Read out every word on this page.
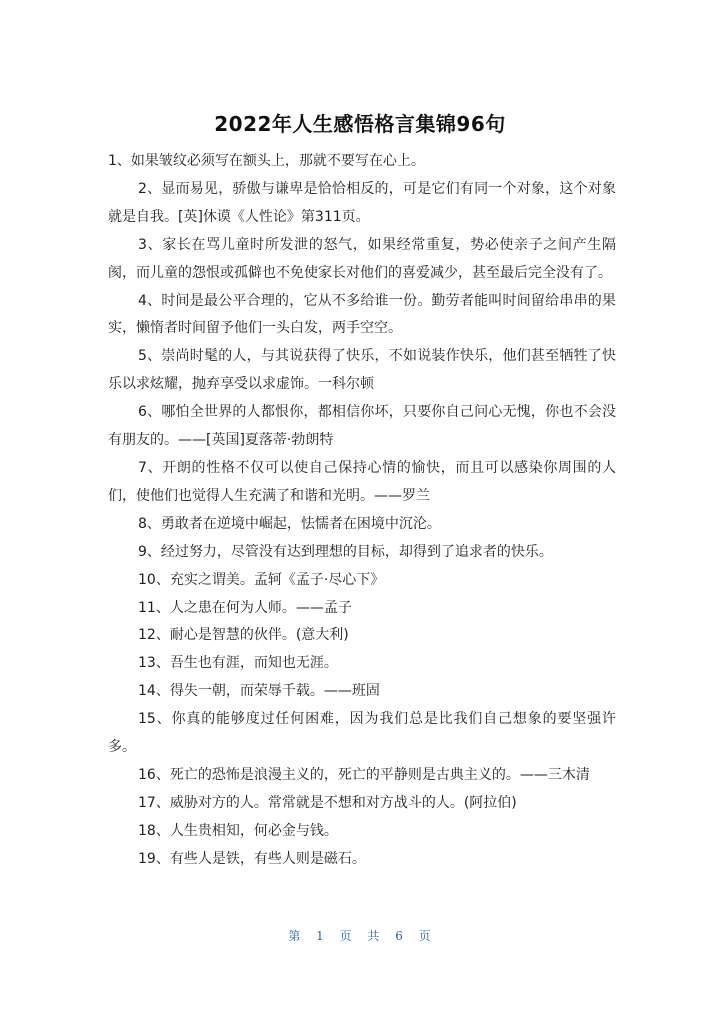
2022年人生感悟格言集锦96句

1、如果皱纹必须写在额头上，那就不要写在心上。

2、显而易见，骄傲与谦卑是恰恰相反的，可是它们有同一个对象，这个对象就是自我。[英]休谟《人性论》第311页。

3、家长在骂儿童时所发泄的怒气，如果经常重复，势必使亲子之间产生隔阂，而儿童的怨恨或孤僻也不免使家长对他们的喜爱减少，甚至最后完全没有了。

4、时间是最公平合理的，它从不多给谁一份。勤劳者能叫时间留给串串的果实，懒惰者时间留予他们一头白发，两手空空。

5、崇尚时髦的人，与其说获得了快乐，不如说装作快乐，他们甚至牺牲了快乐以求炫耀，抛弃享受以求虚饰。一科尔顿

6、哪怕全世界的人都恨你，都相信你坏，只要你自己问心无愧，你也不会没有朋友的。——[英国]夏落蒂·勃朗特

7、开朗的性格不仅可以使自己保持心情的愉快，而且可以感染你周围的人们，使他们也觉得人生充满了和谐和光明。——罗兰

8、勇敢者在逆境中崛起，怯懦者在困境中沉沦。

9、经过努力，尽管没有达到理想的目标，却得到了追求者的快乐。

10、充实之谓美。孟轲《孟子·尽心下》

11、人之患在何为人师。——孟子

12、耐心是智慧的伙伴。(意大利)

13、吾生也有涯，而知也无涯。

14、得失一朝，而荣辱千载。——班固

15、你真的能够度过任何困难，因为我们总是比我们自己想象的要坚强许多。

16、死亡的恐怖是浪漫主义的，死亡的平静则是古典主义的。——三木清

17、威胁对方的人。常常就是不想和对方战斗的人。(阿拉伯)

18、人生贵相知，何必金与钱。

19、有些人是铁，有些人则是磁石。

第 1 页 共 6 页
